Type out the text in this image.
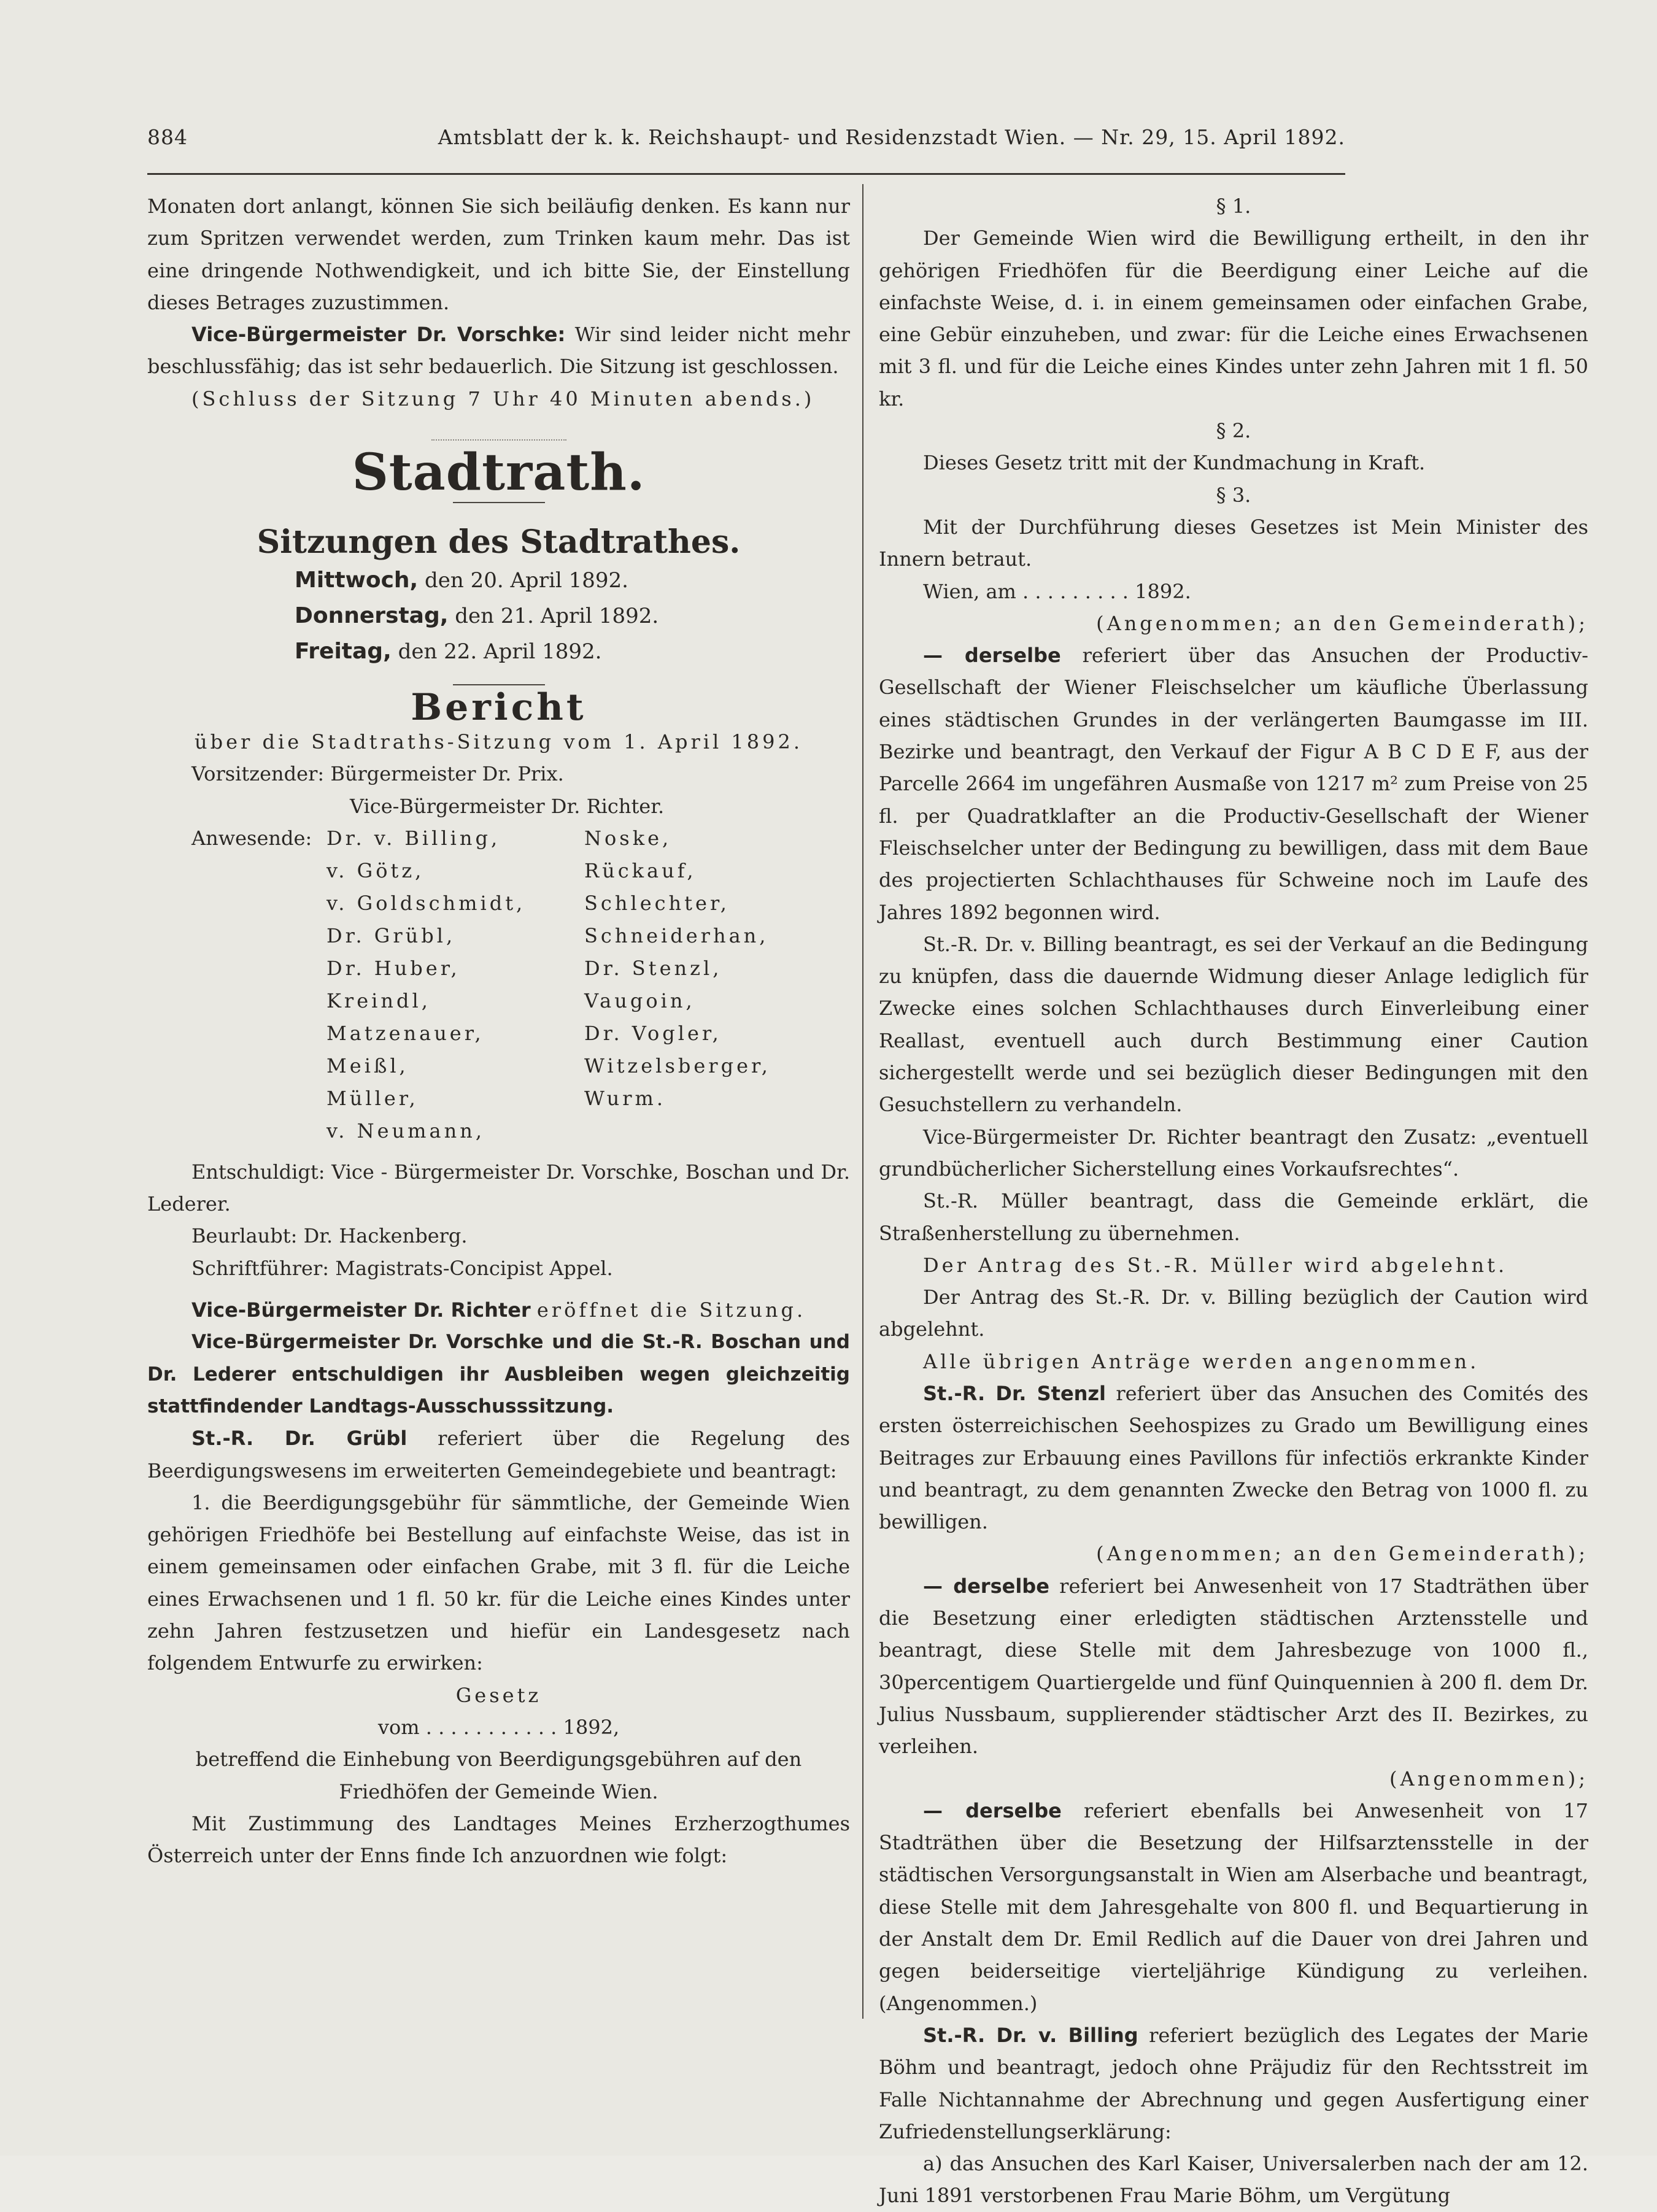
884	Amtsblatt der k. k. Reichshaupt- und Residenzstadt Wien. — Nr. 29, 15. April 1892.

Monaten dort anlangt, können Sie sich beiläufig denken. Es kann nur zum Spritzen verwendet werden, zum Trinken kaum mehr. Das ist eine dringende Nothwendigkeit, und ich bitte Sie, der Einstellung dieses Betrages zuzustimmen.

Vice-Bürgermeister Dr. Vorschke: Wir sind leider nicht mehr beschlussfähig; das ist sehr bedauerlich. Die Sitzung ist geschlossen.

(Schluss der Sitzung 7 Uhr 40 Minuten abends.)

Stadtrath.
Sitzungen des Stadtrathes.
Mittwoch, den 20. April 1892.
Donnerstag, den 21. April 1892.
Freitag, den 22. April 1892.
Bericht
über die Stadtraths-Sitzung vom 1. April 1892.
Vorsitzender: Bürgermeister Dr. Prix.
Vice-Bürgermeister Dr. Richter.
Anwesende: Dr. v. Billing,
v. Götz,
v. Goldschmidt,
Dr. Grübl,
Dr. Huber,
Kreindl,
Matzenauer,
Meißl,
Müller,
v. Neumann,
Noske,
Rückauf,
Schlechter,
Schneiderhan,
Dr. Stenzl,
Vaugoin,
Dr. Vogler,
Witzelsberger,
Wurm.

Entschuldigt: Vice - Bürgermeister Dr. Vorschke, Boschan und Dr. Lederer.

Beurlaubt: Dr. Hackenberg.

Schriftführer: Magistrats-Concipist Appel.

Vice-Bürgermeister Dr. Richter eröffnet die Sitzung.

Vice-Bürgermeister Dr. Vorschke und die St.-R. Boschan und Dr. Lederer entschuldigen ihr Ausbleiben wegen gleichzeitig stattfindender Landtags-Ausschusssitzung.

St.-R. Dr. Grübl referiert über die Regelung des Beerdigungswesens im erweiterten Gemeindegebiete und beantragt:

1. die Beerdigungsgebühr für sämmtliche, der Gemeinde Wien gehörigen Friedhöfe bei Bestellung auf einfachste Weise, das ist in einem gemeinsamen oder einfachen Grabe, mit 3 fl. für die Leiche eines Erwachsenen und 1 fl. 50 kr. für die Leiche eines Kindes unter zehn Jahren festzusetzen und hiefür ein Landesgesetz nach folgendem Entwurfe zu erwirken:

Gesetz

vom . . . . . . . . . . . 1892,

betreffend die Einhebung von Beerdigungsgebühren auf den Friedhöfen der Gemeinde Wien.

Mit Zustimmung des Landtages Meines Erzherzogthumes Österreich unter der Enns finde Ich anzuordnen wie folgt:

§ 1.

Der Gemeinde Wien wird die Bewilligung ertheilt, in den ihr gehörigen Friedhöfen für die Beerdigung einer Leiche auf die einfachste Weise, d. i. in einem gemeinsamen oder einfachen Grabe, eine Gebür einzuheben, und zwar: für die Leiche eines Erwachsenen mit 3 fl. und für die Leiche eines Kindes unter zehn Jahren mit 1 fl. 50 kr.

§ 2.

Dieses Gesetz tritt mit der Kundmachung in Kraft.

§ 3.

Mit der Durchführung dieses Gesetzes ist Mein Minister des Innern betraut.

Wien, am . . . . . . . . . 1892.

(Angenommen; an den Gemeinderath);

— derselbe referiert über das Ansuchen der Productiv-Gesellschaft der Wiener Fleischselcher um käufliche Überlassung eines städtischen Grundes in der verlängerten Baumgasse im III. Bezirke und beantragt, den Verkauf der Figur A B C D E F, aus der Parcelle 2664 im ungefähren Ausmaße von 1217 m² zum Preise von 25 fl. per Quadratklafter an die Productiv-Gesellschaft der Wiener Fleischselcher unter der Bedingung zu bewilligen, dass mit dem Baue des projectierten Schlachthauses für Schweine noch im Laufe des Jahres 1892 begonnen wird.

St.-R. Dr. v. Billing beantragt, es sei der Verkauf an die Bedingung zu knüpfen, dass die dauernde Widmung dieser Anlage lediglich für Zwecke eines solchen Schlachthauses durch Einverleibung einer Reallast, eventuell auch durch Bestimmung einer Caution sichergestellt werde und sei bezüglich dieser Bedingungen mit den Gesuchstellern zu verhandeln.

Vice-Bürgermeister Dr. Richter beantragt den Zusatz: „eventuell grundbücherlicher Sicherstellung eines Vorkaufsrechtes“.

St.-R. Müller beantragt, dass die Gemeinde erklärt, die Straßenherstellung zu übernehmen.

Der Antrag des St.-R. Müller wird abgelehnt.

Der Antrag des St.-R. Dr. v. Billing bezüglich der Caution wird abgelehnt.

Alle übrigen Anträge werden angenommen.

St.-R. Dr. Stenzl referiert über das Ansuchen des Comités des ersten österreichischen Seehospizes zu Grado um Bewilligung eines Beitrages zur Erbauung eines Pavillons für infectiös erkrankte Kinder und beantragt, zu dem genannten Zwecke den Betrag von 1000 fl. zu bewilligen.

(Angenommen; an den Gemeinderath);

— derselbe referiert bei Anwesenheit von 17 Stadträthen über die Besetzung einer erledigten städtischen Arztensstelle und beantragt, diese Stelle mit dem Jahresbezuge von 1000 fl., 30percentigem Quartiergelde und fünf Quinquennien à 200 fl. dem Dr. Julius Nussbaum, supplierender städtischer Arzt des II. Bezirkes, zu verleihen.

(Angenommen);

— derselbe referiert ebenfalls bei Anwesenheit von 17 Stadträthen über die Besetzung der Hilfsarztensstelle in der städtischen Versorgungsanstalt in Wien am Alserbache und beantragt, diese Stelle mit dem Jahresgehalte von 800 fl. und Bequartierung in der Anstalt dem Dr. Emil Redlich auf die Dauer von drei Jahren und gegen beiderseitige vierteljährige Kündigung zu verleihen. (Angenommen.)

St.-R. Dr. v. Billing referiert bezüglich des Legates der Marie Böhm und beantragt, jedoch ohne Präjudiz für den Rechtsstreit im Falle Nichtannahme der Abrechnung und gegen Ausfertigung einer Zufriedenstellungserklärung:

a) das Ansuchen des Karl Kaiser, Universalerben nach der am 12. Juni 1891 verstorbenen Frau Marie Böhm, um Vergütung
